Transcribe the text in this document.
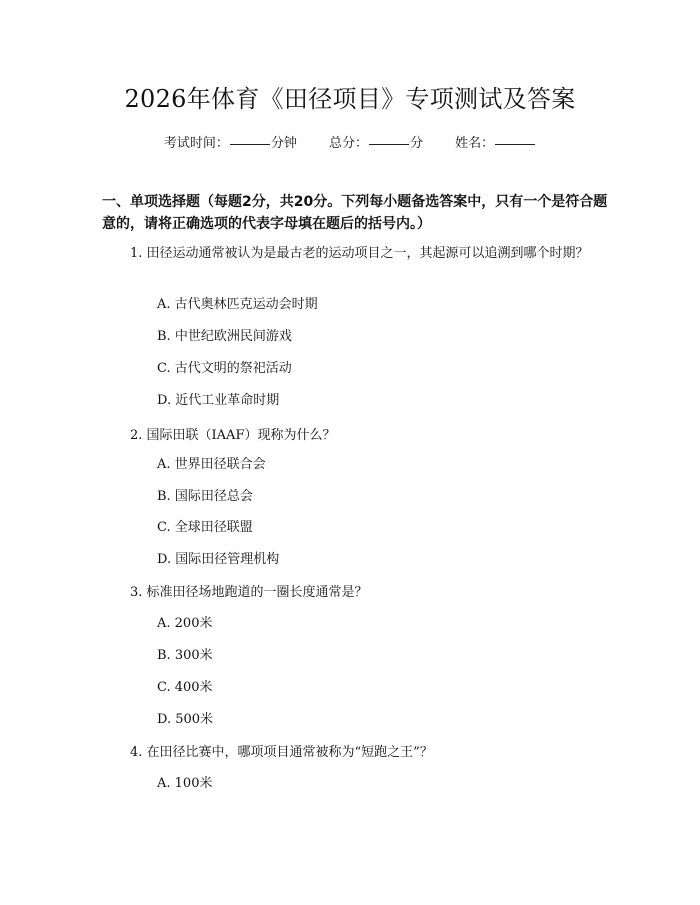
2026年体育《田径项目》专项测试及答案
考试时间：	分钟 总分：	分 姓名：
一、单项选择题（每题2分，共20分。下列每小题备选答案中，只有一个是符合题意的，请将正确选项的代表字母填在题后的括号内。）
1. 田径运动通常被认为是最古老的运动项目之一，其起源可以追溯到哪个时期？
A. 古代奥林匹克运动会时期
B. 中世纪欧洲民间游戏
C. 古代文明的祭祀活动
D. 近代工业革命时期
2. 国际田联（IAAF）现称为什么？
A. 世界田径联合会
B. 国际田径总会
C. 全球田径联盟
D. 国际田径管理机构
3. 标准田径场地跑道的一圈长度通常是？
A. 200米
B. 300米
C. 400米
D. 500米
4. 在田径比赛中，哪项项目通常被称为“短跑之王”？
A. 100米
